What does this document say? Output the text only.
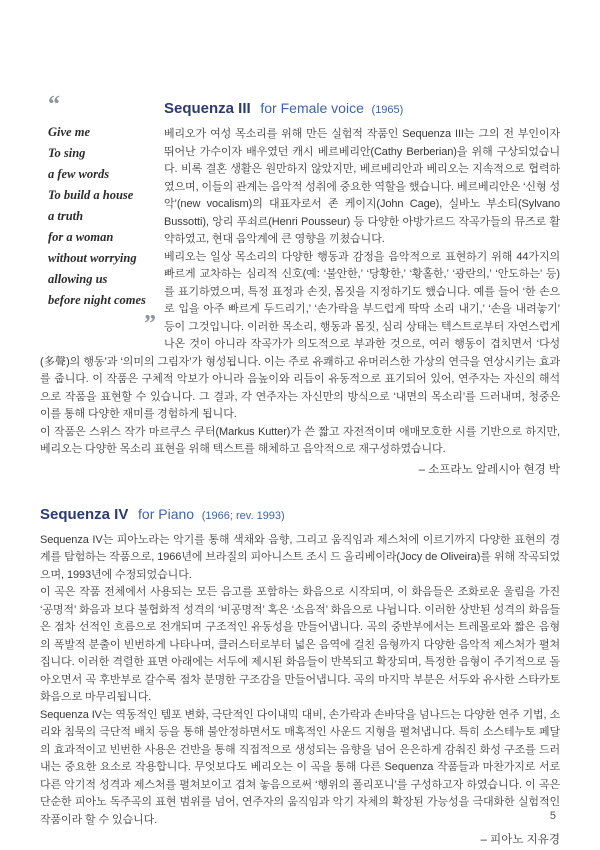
“
Give me
To sing
a few words
To build a house
a truth
for a woman
without worrying
allowing us
before night comes
”
Sequenza III for Female voice (1965)

베리오가 여성 목소리를 위해 만든 실험적 작품인 Sequenza III는 그의 전 부인이자 뛰어난 가수이자 배우였던 캐시 베르베리안(Cathy Berberian)을 위해 구상되었습니다. 비록 결혼 생활은 원만하지 않았지만, 베르베리안과 베리오는 지속적으로 협력하였으며, 이들의 관계는 음악적 성취에 중요한 역할을 했습니다. 베르베리안은 ‘신형 성악’(new vocalism)의 대표자로서 존 케이지(John Cage), 실바노 부소티(Sylvano Bussotti), 앙리 푸쇠르(Henri Pousseur) 등 다양한 아방가르드 작곡가들의 뮤즈로 활약하였고, 현대 음악계에 큰 영향을 끼쳤습니다.

베리오는 일상 목소리의 다양한 행동과 감정을 음악적으로 표현하기 위해 44가지의 빠르게 교차하는 심리적 신호(예: ‘불안한,’ ‘당황한,’ ‘황홀한,’ ‘광란의,’ ‘안도하는’ 등)를 표기하였으며, 특정 표정과 손짓, 몸짓을 지정하기도 했습니다. 예를 들어 ‘한 손으로 입을 아주 빠르게 두드리기,’ ‘손가락을 부드럽게 딱딱 소리 내기,’ ‘손을 내려놓기’ 등이 그것입니다. 이러한 목소리, 행동과 몸짓, 심리 상태는 텍스트로부터 자연스럽게 나온 것이 아니라 작곡가가 의도적으로 부과한 것으로, 여러 행동이 겹치면서 ‘다성(多聲)의 행동’과 ‘의미의 그림자’가 형성됩니다. 이는 주로 유쾌하고 유머러스한 가상의 연극을 연상시키는 효과를 줍니다. 이 작품은 구체적 악보가 아니라 음높이와 리듬이 유동적으로 표기되어 있어, 연주자는 자신의 해석으로 작품을 표현할 수 있습니다. 그 결과, 각 연주자는 자신만의 방식으로 ‘내면의 목소리’를 드러내며, 청중은 이를 통해 다양한 재미를 경험하게 됩니다.

이 작품은 스위스 작가 마르쿠스 쿠터(Markus Kutter)가 쓴 짧고 자전적이며 애매모호한 시를 기반으로 하지만, 베리오는 다양한 목소리 표현을 위해 텍스트를 해체하고 음악적으로 재구성하였습니다.

– 소프라노 알레시아 현경 박
Sequenza IV for Piano (1966; rev. 1993)

Sequenza IV는 피아노라는 악기를 통해 색채와 음향, 그리고 움직임과 제스처에 이르기까지 다양한 표현의 경계를 탐험하는 작품으로, 1966년에 브라질의 피아니스트 조시 드 올리베이라(Jocy de Oliveira)를 위해 작곡되었으며, 1993년에 수정되었습니다.

이 곡은 작품 전체에서 사용되는 모든 음고를 포함하는 화음으로 시작되며, 이 화음들은 조화로운 울림을 가진 ‘공명적’ 화음과 보다 불협화적 성격의 ‘비공명적’ 혹은 ‘소음적’ 화음으로 나뉩니다. 이러한 상반된 성격의 화음들은 점차 선적인 흐름으로 전개되며 구조적인 유동성을 만들어냅니다. 곡의 중반부에서는 트레몰로와 짧은 음형의 폭발적 분출이 빈번하게 나타나며, 클러스터로부터 넓은 음역에 걸친 음형까지 다양한 음악적 제스처가 펼쳐집니다. 이러한 격렬한 표면 아래에는 서두에 제시된 화음들이 반복되고 확장되며, 특정한 음형이 주기적으로 돌아오면서 곡 후반부로 갈수록 점차 분명한 구조감을 만들어냅니다. 곡의 마지막 부분은 서두와 유사한 스타카토 화음으로 마무리됩니다.

Sequenza IV는 역동적인 템포 변화, 극단적인 다이내믹 대비, 손가락과 손바닥을 넘나드는 다양한 연주 기법, 소리와 침묵의 극단적 배치 등을 통해 불안정하면서도 매혹적인 사운드 지형을 펼쳐냅니다. 특히 소스테누토 페달의 효과적이고 빈번한 사용은 건반을 통해 직접적으로 생성되는 음향을 넘어 은은하게 감춰진 화성 구조를 드러내는 중요한 요소로 작용합니다. 무엇보다도 베리오는 이 곡을 통해 다른 Sequenza 작품들과 마찬가지로 서로 다른 악기적 성격과 제스처를 펼쳐보이고 겹쳐 놓음으로써 ‘행위의 폴리포니’를 구성하고자 하였습니다. 이 곡은 단순한 피아노 독주곡의 표현 범위를 넘어, 연주자의 움직임과 악기 자체의 확장된 가능성을 극대화한 실험적인 작품이라 할 수 있습니다.

– 피아노 지유경
5
